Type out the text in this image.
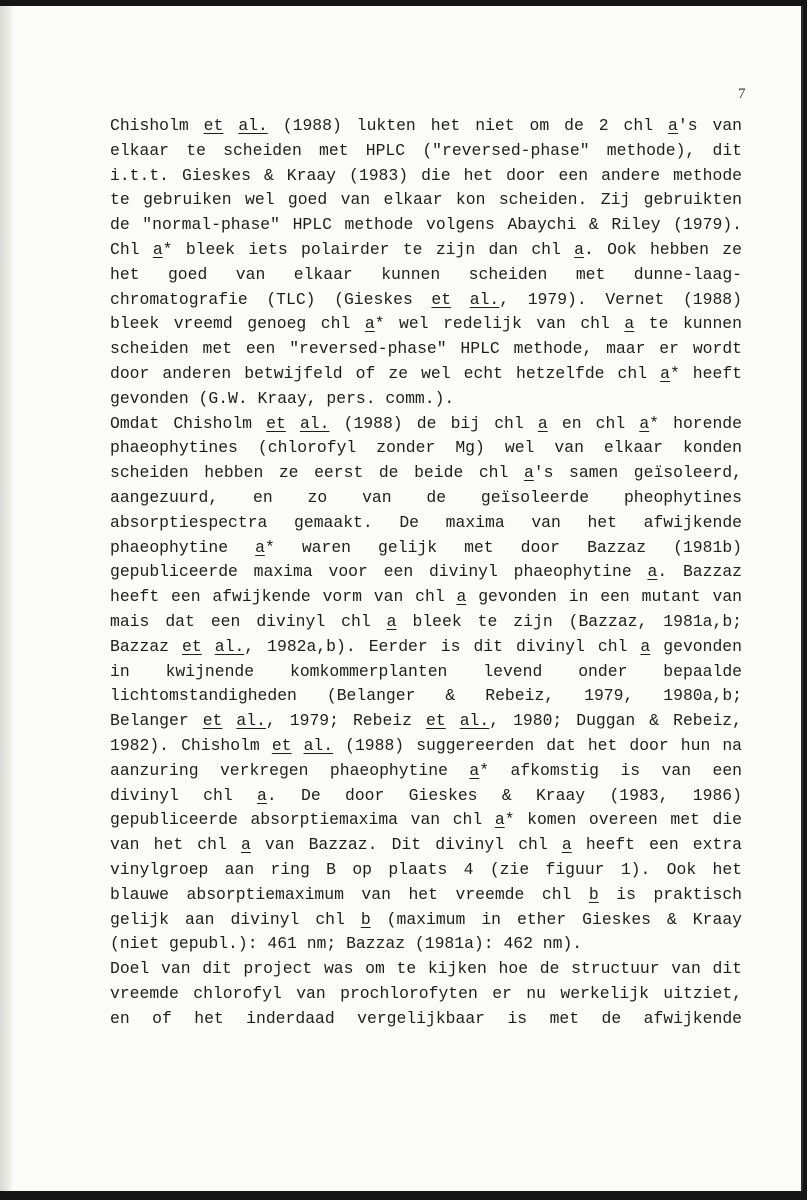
7
Chisholm et al. (1988) lukten het niet om de 2 chl a's van
elkaar te scheiden met HPLC ("reversed-phase" methode), dit
i.t.t. Gieskes & Kraay (1983) die het door een andere methode
te gebruiken wel goed van elkaar kon scheiden. Zij gebruikten
de "normal-phase" HPLC methode volgens Abaychi & Riley (1979).
Chl a* bleek iets polairder te zijn dan chl a. Ook hebben ze
het goed van elkaar kunnen scheiden met dunne-laag-
chromatografie (TLC) (Gieskes et al., 1979). Vernet (1988)
bleek vreemd genoeg chl a* wel redelijk van chl a te kunnen
scheiden met een "reversed-phase" HPLC methode, maar er wordt
door anderen betwijfeld of ze wel echt hetzelfde chl a* heeft
gevonden (G.W. Kraay, pers. comm.).
Omdat Chisholm et al. (1988) de bij chl a en chl a* horende
phaeophytines (chlorofyl zonder Mg) wel van elkaar konden
scheiden hebben ze eerst de beide chl a's samen geïsoleerd,
aangezuurd, en zo van de geïsoleerde pheophytines
absorptiespectra gemaakt. De maxima van het afwijkende
phaeophytine a* waren gelijk met door Bazzaz (1981b)
gepubliceerde maxima voor een divinyl phaeophytine a. Bazzaz
heeft een afwijkende vorm van chl a gevonden in een mutant van
mais dat een divinyl chl a bleek te zijn (Bazzaz, 1981a,b;
Bazzaz et al., 1982a,b). Eerder is dit divinyl chl a gevonden
in kwijnende komkommerplanten levend onder bepaalde
lichtomstandigheden (Belanger & Rebeiz, 1979, 1980a,b;
Belanger et al., 1979; Rebeiz et al., 1980; Duggan & Rebeiz,
1982). Chisholm et al. (1988) suggereerden dat het door hun na
aanzuring verkregen phaeophytine a* afkomstig is van een
divinyl chl a. De door Gieskes & Kraay (1983, 1986)
gepubliceerde absorptiemaxima van chl a* komen overeen met die
van het chl a van Bazzaz. Dit divinyl chl a heeft een extra
vinylgroep aan ring B op plaats 4 (zie figuur 1). Ook het
blauwe absorptiemaximum van het vreemde chl b is praktisch
gelijk aan divinyl chl b (maximum in ether Gieskes & Kraay
(niet gepubl.): 461 nm; Bazzaz (1981a): 462 nm).
Doel van dit project was om te kijken hoe de structuur van dit
vreemde chlorofyl van prochlorofyten er nu werkelijk uitziet,
en of het inderdaad vergelijkbaar is met de afwijkende
